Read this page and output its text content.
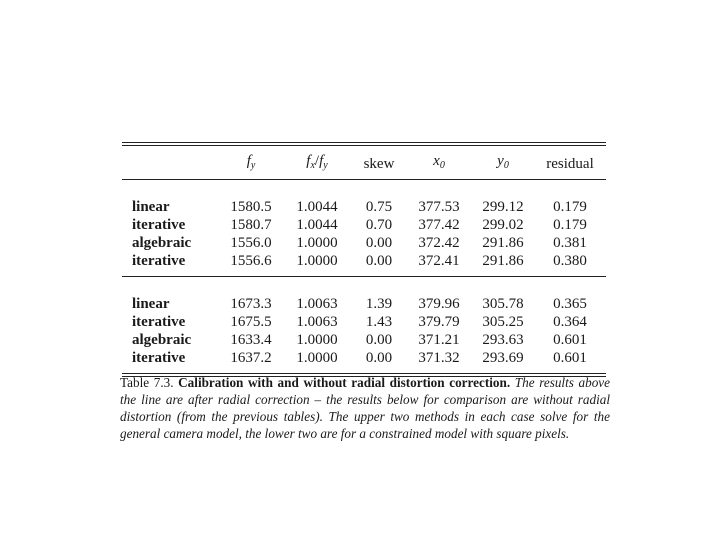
	$f_y$	$f_x/f_y$	skew	$x_0$	$y_0$	residual

linear	1580.5	1.0044	0.75	377.53	299.12	0.179
iterative	1580.7	1.0044	0.70	377.42	299.02	0.179
algebraic	1556.0	1.0000	0.00	372.42	291.86	0.381
iterative	1556.6	1.0000	0.00	372.41	291.86	0.380

linear	1673.3	1.0063	1.39	379.96	305.78	0.365
iterative	1675.5	1.0063	1.43	379.79	305.25	0.364
algebraic	1633.4	1.0000	0.00	371.21	293.63	0.601
iterative	1637.2	1.0000	0.00	371.32	293.69	0.601
Table 7.3. Calibration with and without radial distortion correction. The results above the line are after radial correction – the results below for comparison are without radial distortion (from the previous tables). The upper two methods in each case solve for the general camera model, the lower two are for a constrained model with square pixels.
